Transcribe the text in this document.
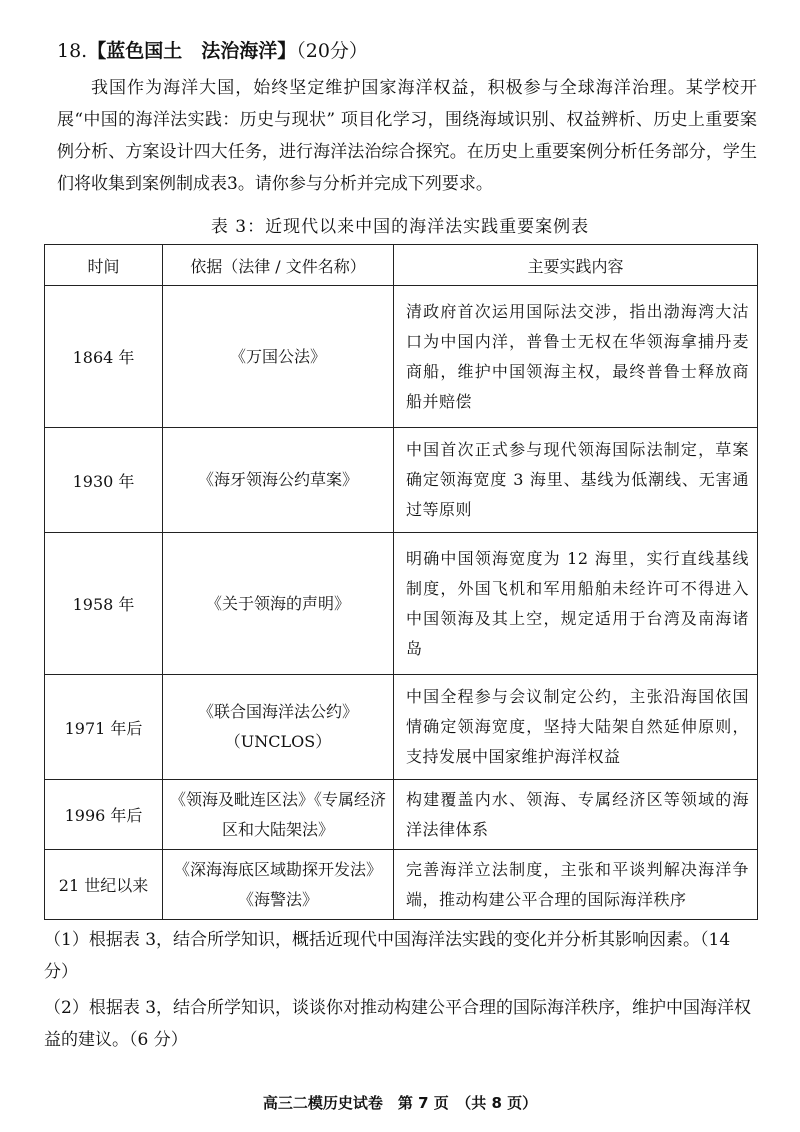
18.【蓝色国土　法治海洋】（20分）
我国作为海洋大国，始终坚定维护国家海洋权益，积极参与全球海洋治理。某学校开展“中国的海洋法实践：历史与现状” 项目化学习，围绕海域识别、权益辨析、历史上重要案例分析、方案设计四大任务，进行海洋法治综合探究。在历史上重要案例分析任务部分，学生们将收集到案例制成表3。请你参与分析并完成下列要求。
表 3：近现代以来中国的海洋法实践重要案例表
时间	依据（法律 / 文件名称）	主要实践内容
1864 年	《万国公法》	清政府首次运用国际法交涉，指出渤海湾大沽口为中国内洋，普鲁士无权在华领海拿捕丹麦商船，维护中国领海主权，最终普鲁士释放商船并赔偿
1930 年	《海牙领海公约草案》	中国首次正式参与现代领海国际法制定，草案确定领海宽度 3 海里、基线为低潮线、无害通过等原则
1958 年	《关于领海的声明》	明确中国领海宽度为 12 海里，实行直线基线制度，外国飞机和军用船舶未经许可不得进入中国领海及其上空，规定适用于台湾及南海诸岛
1971 年后	《联合国海洋法公约》（UNCLOS）	中国全程参与会议制定公约，主张沿海国依国情确定领海宽度，坚持大陆架自然延伸原则，支持发展中国家维护海洋权益
1996 年后	《领海及毗连区法》《专属经济区和大陆架法》	构建覆盖内水、领海、专属经济区等领域的海洋法律体系
21 世纪以来	《深海海底区域勘探开发法》《海警法》	完善海洋立法制度，主张和平谈判解决海洋争端，推动构建公平合理的国际海洋秩序
（1）根据表 3，结合所学知识，概括近现代中国海洋法实践的变化并分析其影响因素。（14 分）
（2）根据表 3，结合所学知识，谈谈你对推动构建公平合理的国际海洋秩序，维护中国海洋权益的建议。（6 分）
高三二模历史试卷　第 7 页　（共 8 页）
